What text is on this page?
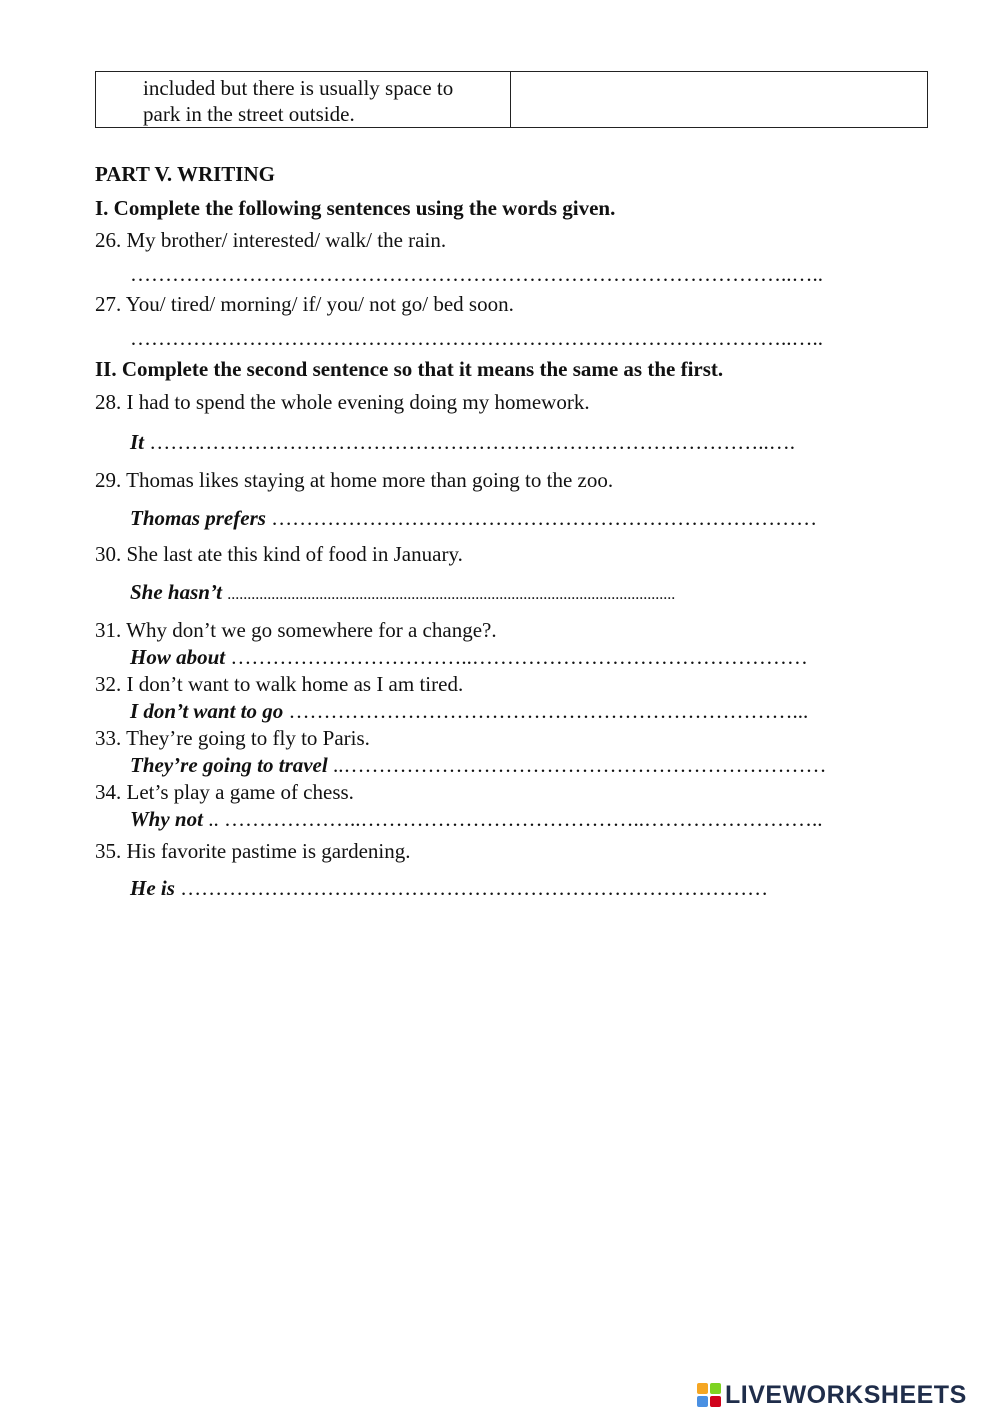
included but there is usually space to
park in the street outside.

PART V. WRITING
I. Complete the following sentences using the words given.
26. My brother/ interested/ walk/ the rain.
…………………………………………………………………………………..…..
27. You/ tired/ morning/ if/ you/ not go/ bed soon.
…………………………………………………………………………………..…..
II. Complete the second sentence so that it means the same as the first.
28. I had to spend the whole evening doing my homework.
It ……………………………………………………………………………..….
29. Thomas likes staying at home more than going to the zoo.
Thomas prefers ……………………………………………………………………
30. She last ate this kind of food in January.
She hasn’t ................................................................................................................
31. Why don’t we go somewhere for a change?.
How about ……………………………..…………………………………………
32. I don’t want to walk home as I am tired.
I don’t want to go ………………………………………………………………...
33. They’re going to fly to Paris.
They’re going to travel ..……………………………………………………………
34. Let’s play a game of chess.
Why not .. ………………..…………………………………..……………………..
35. His favorite pastime is gardening.
He is …………………………………………………………………………
LIVEWORKSHEETS
